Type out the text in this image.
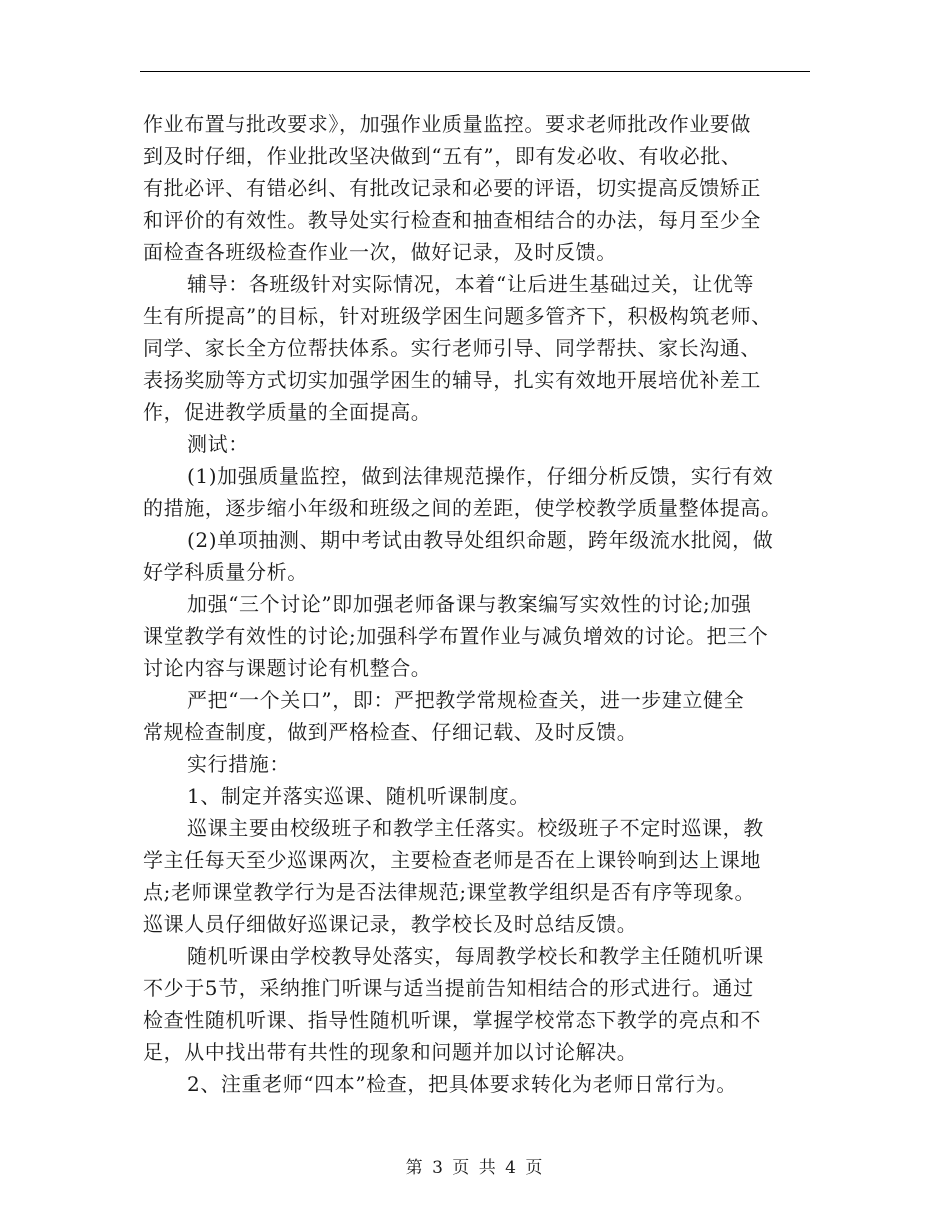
作业布置与批改要求》，加强作业质量监控。要求老师批改作业要做
到及时仔细，作业批改坚决做到“五有”，即有发必收、有收必批、
有批必评、有错必纠、有批改记录和必要的评语，切实提高反馈矫正
和评价的有效性。教导处实行检查和抽查相结合的办法，每月至少全
面检查各班级检查作业一次，做好记录，及时反馈。
辅导：各班级针对实际情况，本着“让后进生基础过关，让优等
生有所提高”的目标，针对班级学困生问题多管齐下，积极构筑老师、
同学、家长全方位帮扶体系。实行老师引导、同学帮扶、家长沟通、
表扬奖励等方式切实加强学困生的辅导，扎实有效地开展培优补差工
作，促进教学质量的全面提高。
测试：
(1)加强质量监控，做到法律规范操作，仔细分析反馈，实行有效
的措施，逐步缩小年级和班级之间的差距，使学校教学质量整体提高。
(2)单项抽测、期中考试由教导处组织命题，跨年级流水批阅，做
好学科质量分析。
加强“三个讨论”即加强老师备课与教案编写实效性的讨论;加强
课堂教学有效性的讨论;加强科学布置作业与减负增效的讨论。把三个
讨论内容与课题讨论有机整合。
严把“一个关口”，即：严把教学常规检查关，进一步建立健全
常规检查制度，做到严格检查、仔细记载、及时反馈。
实行措施：
1、制定并落实巡课、随机听课制度。
巡课主要由校级班子和教学主任落实。校级班子不定时巡课，教
学主任每天至少巡课两次，主要检查老师是否在上课铃响到达上课地
点;老师课堂教学行为是否法律规范;课堂教学组织是否有序等现象。
巡课人员仔细做好巡课记录，教学校长及时总结反馈。
随机听课由学校教导处落实，每周教学校长和教学主任随机听课
不少于5节，采纳推门听课与适当提前告知相结合的形式进行。通过
检查性随机听课、指导性随机听课，掌握学校常态下教学的亮点和不
足，从中找出带有共性的现象和问题并加以讨论解决。
2、注重老师“四本”检查，把具体要求转化为老师日常行为。
第 3 页 共 4 页
